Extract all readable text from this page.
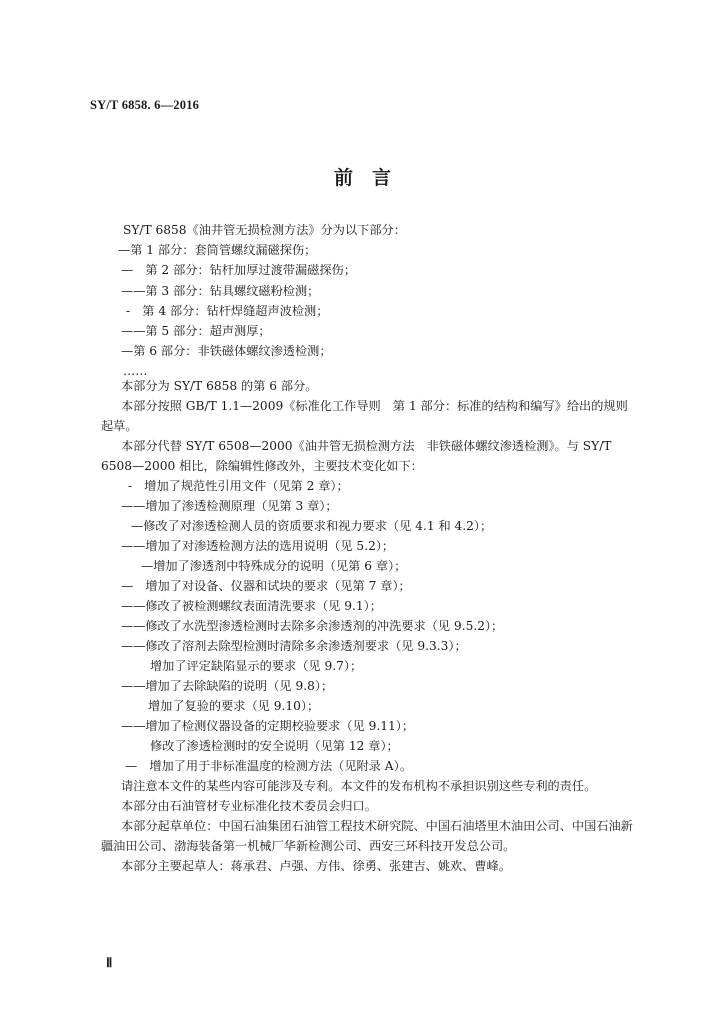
SY/T 6858. 6—2016
前　言
SY/T 6858《油井管无损检测方法》分为以下部分：
—第 1 部分：套筒管螺纹漏磁探伤；
—　第 2 部分：钻杆加厚过渡带漏磁探伤；
——第 3 部分：钻具螺纹磁粉检测；
-　第 4 部分：钻杆焊缝超声波检测；
——第 5 部分：超声测厚；
—第 6 部分：非铁磁体螺纹渗透检测；
……
本部分为 SY/T 6858 的第 6 部分。
本部分按照 GB/T 1.1—2009《标准化工作导则　第 1 部分：标准的结构和编写》给出的规则
起草。
本部分代替 SY/T 6508—2000《油井管无损检测方法　非铁磁体螺纹渗透检测》。与 SY/T
6508—2000 相比，除编辑性修改外，主要技术变化如下：
-　增加了规范性引用文件（见第 2 章）；
——增加了渗透检测原理（见第 3 章）；
—修改了对渗透检测人员的资质要求和视力要求（见 4.1 和 4.2）；
——增加了对渗透检测方法的选用说明（见 5.2）；
—增加了渗透剂中特殊成分的说明（见第 6 章）；
—　增加了对设备、仪器和试块的要求（见第 7 章）；
——修改了被检测螺纹表面清洗要求（见 9.1）；
——修改了水洗型渗透检测时去除多余渗透剂的冲洗要求（见 9.5.2）；
——修改了溶剂去除型检测时清除多余渗透剂要求（见 9.3.3）；
增加了评定缺陷显示的要求（见 9.7）；
——增加了去除缺陷的说明（见 9.8）；
增加了复验的要求（见 9.10）；
——增加了检测仪器设备的定期校验要求（见 9.11）；
修改了渗透检测时的安全说明（见第 12 章）；
—　增加了用于非标准温度的检测方法（见附录 A）。
请注意本文件的某些内容可能涉及专利。本文件的发布机构不承担识别这些专利的责任。
本部分由石油管材专业标准化技术委员会归口。
本部分起草单位：中国石油集团石油管工程技术研究院、中国石油塔里木油田公司、中国石油新
疆油田公司、渤海装备第一机械厂华新检测公司、西安三环科技开发总公司。
本部分主要起草人：蒋承君、卢强、方伟、徐勇、张建吉、姚欢、曹峰。
Ⅱ
